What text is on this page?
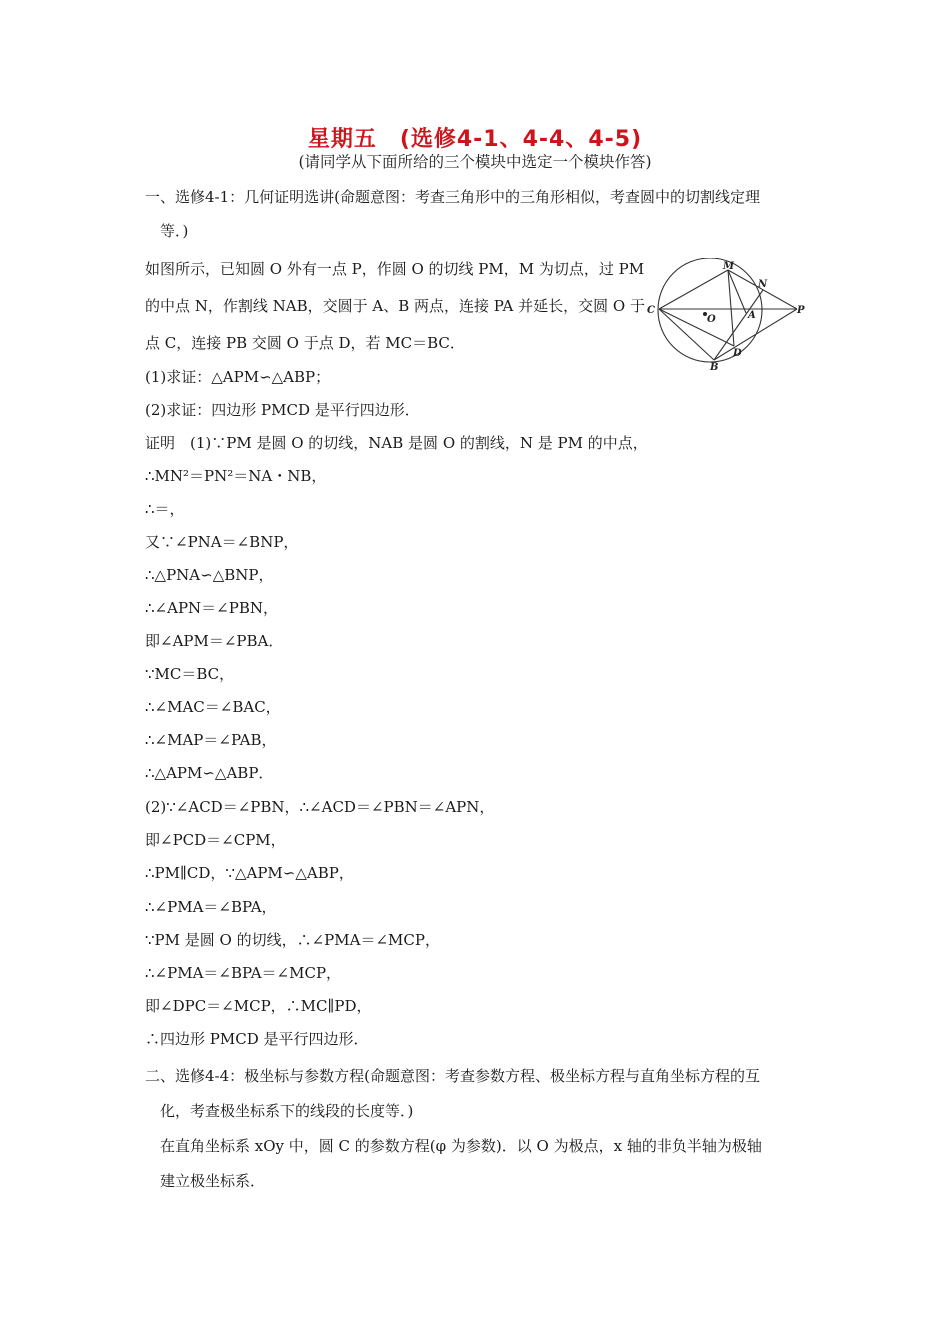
星期五　(选修4-1、4-4、4-5)
(请同学从下面所给的三个模块中选定一个模块作答)
一、选修4-1：几何证明选讲(命题意图：考查三角形中的三角形相似，考查圆中的切割线定理
等．)
如图所示，已知圆 O 外有一点 P，作圆 O 的切线 PM，M 为切点，过 PM
的中点 N，作割线 NAB，交圆于 A、B 两点，连接 PA 并延长，交圆 O 于
点 C，连接 PB 交圆 O 于点 D，若 MC＝BC．
(1)求证：△APM∽△ABP；
(2)求证：四边形 PMCD 是平行四边形．
证明　(1)∵PM 是圆 O 的切线，NAB 是圆 O 的割线，N 是 PM 的中点，
∴MN²＝PN²＝NA・NB，
∴＝，
又∵∠PNA＝∠BNP，
∴△PNA∽△BNP，
∴∠APN＝∠PBN，
即∠APM＝∠PBA．
∵MC＝BC，
∴∠MAC＝∠BAC，
∴∠MAP＝∠PAB，
∴△APM∽△ABP．
(2)∵∠ACD＝∠PBN，∴∠ACD＝∠PBN＝∠APN，
即∠PCD＝∠CPM，
∴PM∥CD，∵△APM∽△ABP，
∴∠PMA＝∠BPA，
∵PM 是圆 O 的切线，∴∠PMA＝∠MCP，
∴∠PMA＝∠BPA＝∠MCP，
即∠DPC＝∠MCP，∴MC∥PD，
∴四边形 PMCD 是平行四边形．
二、选修4-4：极坐标与参数方程(命题意图：考查参数方程、极坐标方程与直角坐标方程的互
化，考查极坐标系下的线段的长度等．)
在直角坐标系 xOy 中，圆 C 的参数方程(φ 为参数)．以 O 为极点，x 轴的非负半轴为极轴
建立极坐标系．
M
N
C
O	A	P
D
B
